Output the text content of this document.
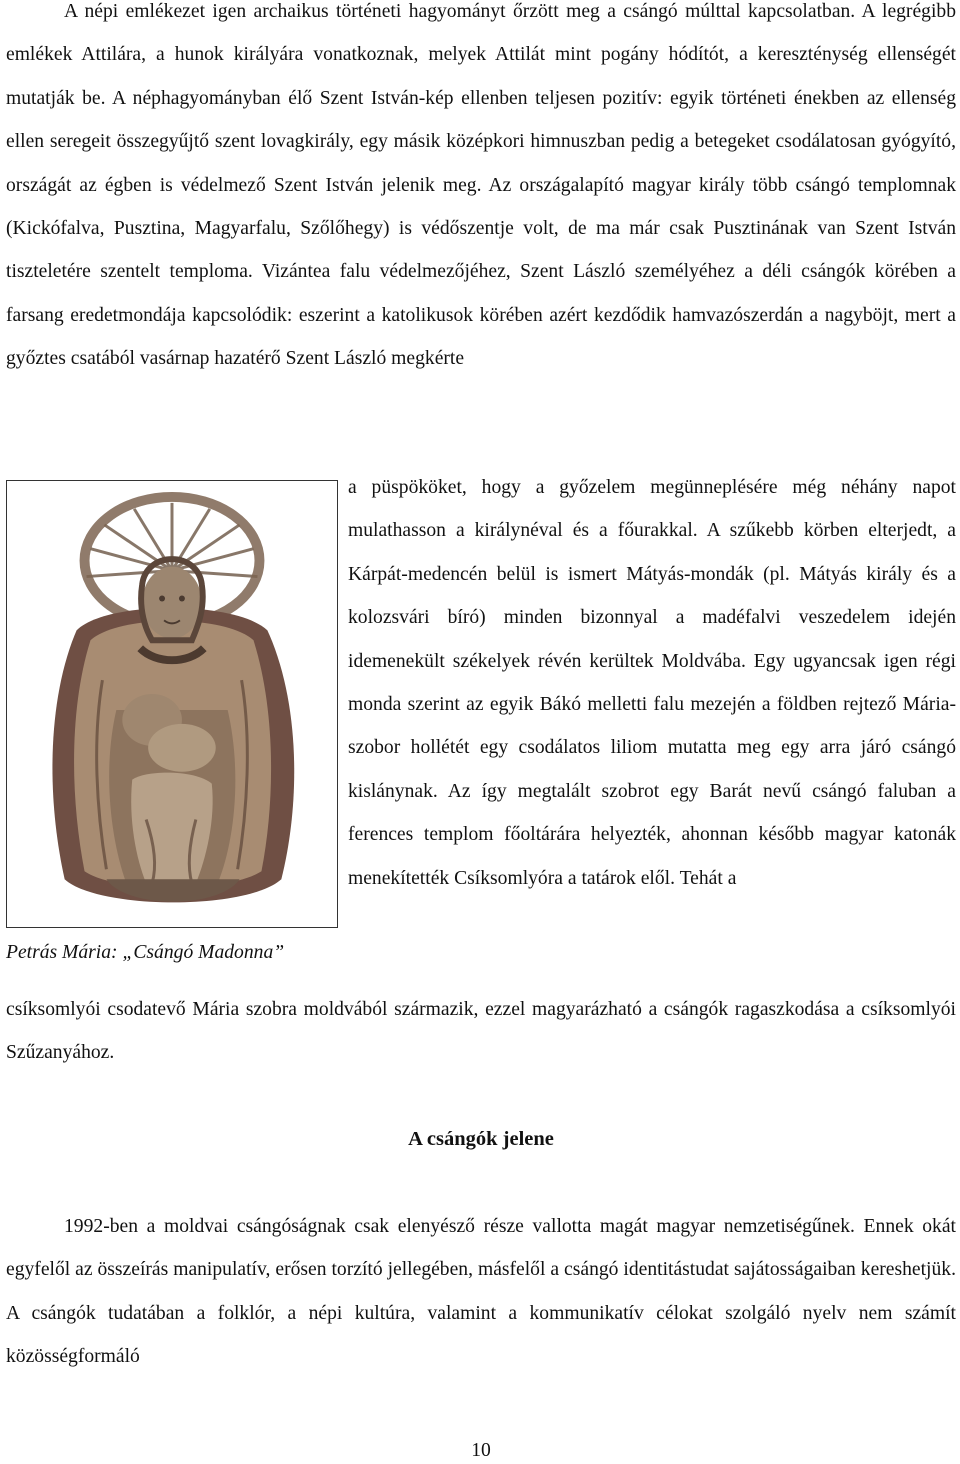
A népi emlékezet igen archaikus történeti hagyományt őrzött meg a csángó múlttal kapcsolatban. A legrégibb emlékek Attilára, a hunok királyára vonatkoznak, melyek Attilát mint pogány hódítót, a kereszténység ellenségét mutatják be. A néphagyományban élő Szent István-kép ellenben teljesen pozitív: egyik történeti énekben az ellenség ellen seregeit összegyűjtő szent lovagkirály, egy másik középkori himnuszban pedig a betegeket csodálatosan gyógyító, országát az égben is védelmező Szent István jelenik meg. Az országalapító magyar király több csángó templomnak (Kickófalva, Pusztina, Magyarfalu, Szőlőhegy) is védőszentje volt, de ma már csak Pusztinának van Szent István tiszteletére szentelt temploma. Vizántea falu védelmezőjéhez, Szent László személyéhez a déli csángók körében a farsang eredetmondája kapcsolódik: eszerint a katolikusok körében azért kezdődik hamvazószerdán a nagyböjt, mert a győztes csatából vasárnap hazatérő Szent László megkérte

Petrás Mária: „Csángó Madonna”

a püspököket, hogy a győzelem megünneplésére még néhány napot mulathasson a királynéval és a főurakkal. A szűkebb körben elterjedt, a Kárpát-medencén belül is ismert Mátyás-mondák (pl. Mátyás király és a kolozsvári bíró) minden bizonnyal a madéfalvi veszedelem idején idemenekült székelyek révén kerültek Moldvába. Egy ugyancsak igen régi monda szerint az egyik Bákó melletti falu mezején a földben rejtező Mária-szobor hollétét egy csodálatos liliom mutatta meg egy arra járó csángó kislánynak. Az így megtalált szobrot egy Barát nevű csángó faluban a ferences templom főoltárára helyezték, ahonnan később magyar katonák menekítették Csíksomlyóra a tatárok elől. Tehát a

csíksomlyói csodatevő Mária szobra moldvából származik, ezzel magyarázható a csángók ragaszkodása a csíksomlyói Szűzanyához.

A csángók jelene

1992-ben a moldvai csángóságnak csak elenyésző része vallotta magát magyar nemzetiségűnek. Ennek okát egyfelől az összeírás manipulatív, erősen torzító jellegében, másfelől a csángó identitástudat sajátosságaiban kereshetjük. A csángók tudatában a folklór, a népi kultúra, valamint a kommunikatív célokat szolgáló nyelv nem számít közösségformáló

10
